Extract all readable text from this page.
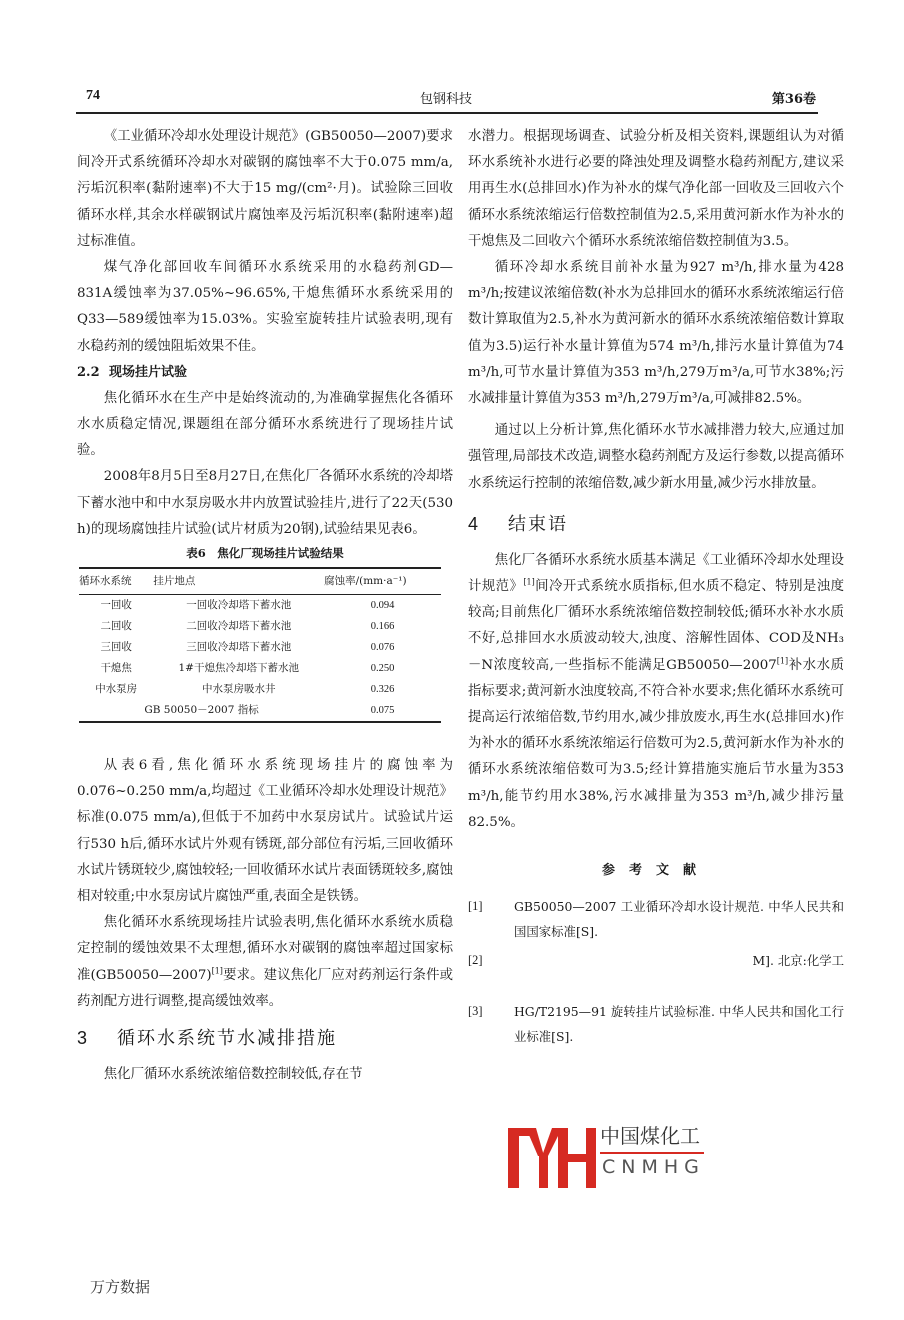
74	包钢科技	第36卷

《工业循环冷却水处理设计规范》(GB50050—2007)要求间冷开式系统循环冷却水对碳钢的腐蚀率不大于0.075 mm/a,污垢沉积率(黏附速率)不大于15 mg/(cm²·月)。试验除三回收循环水样,其余水样碳钢试片腐蚀率及污垢沉积率(黏附速率)超过标准值。

煤气净化部回收车间循环水系统采用的水稳药剂GD—831A缓蚀率为37.05%~96.65%,干熄焦循环水系统采用的Q33—589缓蚀率为15.03%。实验室旋转挂片试验表明,现有水稳药剂的缓蚀阻垢效果不佳。

2.2 现场挂片试验

焦化循环水在生产中是始终流动的,为准确掌握焦化各循环水水质稳定情况,课题组在部分循环水系统进行了现场挂片试验。

2008年8月5日至8月27日,在焦化厂各循环水系统的冷却塔下蓄水池中和中水泵房吸水井内放置试验挂片,进行了22天(530 h)的现场腐蚀挂片试验(试片材质为20钢),试验结果见表6。

表6　焦化厂现场挂片试验结果

循环水系统	挂片地点	腐蚀率/(mm·a⁻¹)
一回收	一回收冷却塔下蓄水池	0.094
二回收	二回收冷却塔下蓄水池	0.166
三回收	三回收冷却塔下蓄水池	0.076
干熄焦	1#干熄焦冷却塔下蓄水池	0.250
中水泵房	中水泵房吸水井	0.326
GB 50050－2007 指标		0.075

从表6看,焦化循环水系统现场挂片的腐蚀率为0.076~0.250 mm/a,均超过《工业循环冷却水处理设计规范》标准(0.075 mm/a),但低于不加药中水泵房试片。试验试片运行530 h后,循环水试片外观有锈斑,部分部位有污垢,三回收循环水试片锈斑较少,腐蚀较轻;一回收循环水试片表面锈斑较多,腐蚀相对较重;中水泵房试片腐蚀严重,表面全是铁锈。

焦化循环水系统现场挂片试验表明,焦化循环水系统水质稳定控制的缓蚀效果不太理想,循环水对碳钢的腐蚀率超过国家标准(GB50050—2007)[1]要求。建议焦化厂应对药剂运行条件或药剂配方进行调整,提高缓蚀效率。

3 循环水系统节水减排措施

焦化厂循环水系统浓缩倍数控制较低,存在节

水潜力。根据现场调查、试验分析及相关资料,课题组认为对循环水系统补水进行必要的降浊处理及调整水稳药剂配方,建议采用再生水(总排回水)作为补水的煤气净化部一回收及三回收六个循环水系统浓缩运行倍数控制值为2.5,采用黄河新水作为补水的干熄焦及二回收六个循环水系统浓缩倍数控制值为3.5。

循环冷却水系统目前补水量为927 m³/h,排水量为428 m³/h;按建议浓缩倍数(补水为总排回水的循环水系统浓缩运行倍数计算取值为2.5,补水为黄河新水的循环水系统浓缩倍数计算取值为3.5)运行补水量计算值为574 m³/h,排污水量计算值为74 m³/h,可节水量计算值为353 m³/h,279万m³/a,可节水38%;污水减排量计算值为353 m³/h,279万m³/a,可减排82.5%。

通过以上分析计算,焦化循环水节水减排潜力较大,应通过加强管理,局部技术改造,调整水稳药剂配方及运行参数,以提高循环水系统运行控制的浓缩倍数,减少新水用量,减少污水排放量。

4 结束语

焦化厂各循环水系统水质基本满足《工业循环冷却水处理设计规范》[1]间冷开式系统水质指标,但水质不稳定、特别是浊度较高;目前焦化厂循环水系统浓缩倍数控制较低;循环水补水水质不好,总排回水水质波动较大,浊度、溶解性固体、COD及NH₃－N浓度较高,一些指标不能满足GB50050—2007[1]补水水质指标要求;黄河新水浊度较高,不符合补水要求;焦化循环水系统可提高运行浓缩倍数,节约用水,减少排放废水,再生水(总排回水)作为补水的循环水系统浓缩运行倍数可为2.5,黄河新水作为补水的循环水系统浓缩倍数可为3.5;经计算措施实施后节水量为353 m³/h,能节约用水38%,污水减排量为353 m³/h,减少排污量82.5%。

参考文献

[1]	GB50050—2007 工业循环冷却水设计规范. 中华人民共和国国家标准[S].
[2]	M]. 北京:化学工
[3]	HG/T2195—91 旋转挂片试验标准. 中华人民共和国化工行业标准[S].
中国煤化工
CNMHG
万方数据
